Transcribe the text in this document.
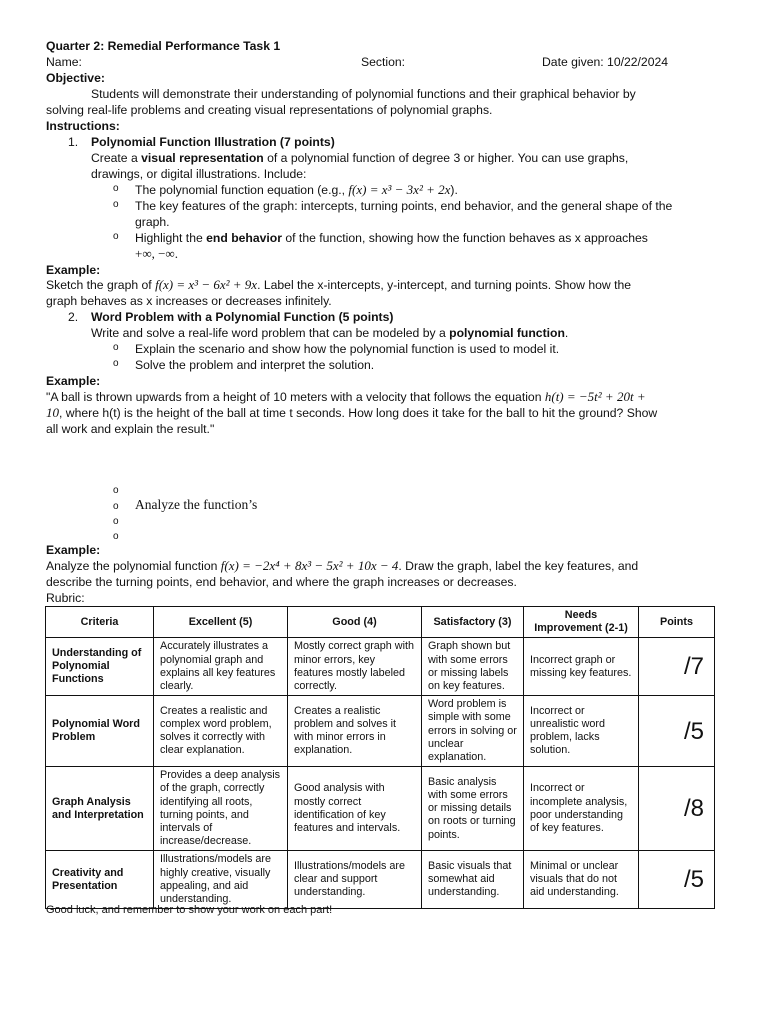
Quarter 2: Remedial Performance Task 1
Name:	Section:	Date given: 10/22/2024
Objective:
Students will demonstrate their understanding of polynomial functions and their graphical behavior by
solving real-life problems and creating visual representations of polynomial graphs.
Instructions:
1. Polynomial Function Illustration (7 points)
Create a visual representation of a polynomial function of degree 3 or higher. You can use graphs,
drawings, or digital illustrations. Include:
o The polynomial function equation (e.g., f(x) = x³ − 3x² + 2x).
o The key features of the graph: intercepts, turning points, end behavior, and the general shape of the
graph.
o Highlight the end behavior of the function, showing how the function behaves as x approaches
+∞, −∞.
Example:
Sketch the graph of f(x) = x³ − 6x² + 9x. Label the x-intercepts, y-intercept, and turning points. Show how the
graph behaves as x increases or decreases infinitely.
2. Word Problem with a Polynomial Function (5 points)
Write and solve a real-life word problem that can be modeled by a polynomial function.
o Explain the scenario and show how the polynomial function is used to model it.
o Solve the problem and interpret the solution.
Example:
"A ball is thrown upwards from a height of 10 meters with a velocity that follows the equation h(t) = −5t² + 20t +
10, where h(t) is the height of the ball at time t seconds. How long does it take for the ball to hit the ground? Show
all work and explain the result."
o
o Analyze the function’s
o
o
Example:
Analyze the polynomial function f(x) = −2x⁴ + 8x³ − 5x² + 10x − 4. Draw the graph, label the key features, and
describe the turning points, end behavior, and where the graph increases or decreases.
Rubric:
Criteria	Excellent (5)	Good (4)	Satisfactory (3)	Needs Improvement (2-1)	Points
Understanding of Polynomial Functions	Accurately illustrates a polynomial graph and explains all key features clearly.	Mostly correct graph with minor errors, key features mostly labeled correctly.	Graph shown but with some errors or missing labels on key features.	Incorrect graph or missing key features.	/7
Polynomial Word Problem	Creates a realistic and complex word problem, solves it correctly with clear explanation.	Creates a realistic problem and solves it with minor errors in explanation.	Word problem is simple with some errors in solving or unclear explanation.	Incorrect or unrealistic word problem, lacks solution.	/5
Graph Analysis and Interpretation	Provides a deep analysis of the graph, correctly identifying all roots, turning points, and intervals of increase/decrease.	Good analysis with mostly correct identification of key features and intervals.	Basic analysis with some errors or missing details on roots or turning points.	Incorrect or incomplete analysis, poor understanding of key features.	/8
Creativity and Presentation	Illustrations/models are highly creative, visually appealing, and aid understanding.	Illustrations/models are clear and support understanding.	Basic visuals that somewhat aid understanding.	Minimal or unclear visuals that do not aid understanding.	/5
Good luck, and remember to show your work on each part!
